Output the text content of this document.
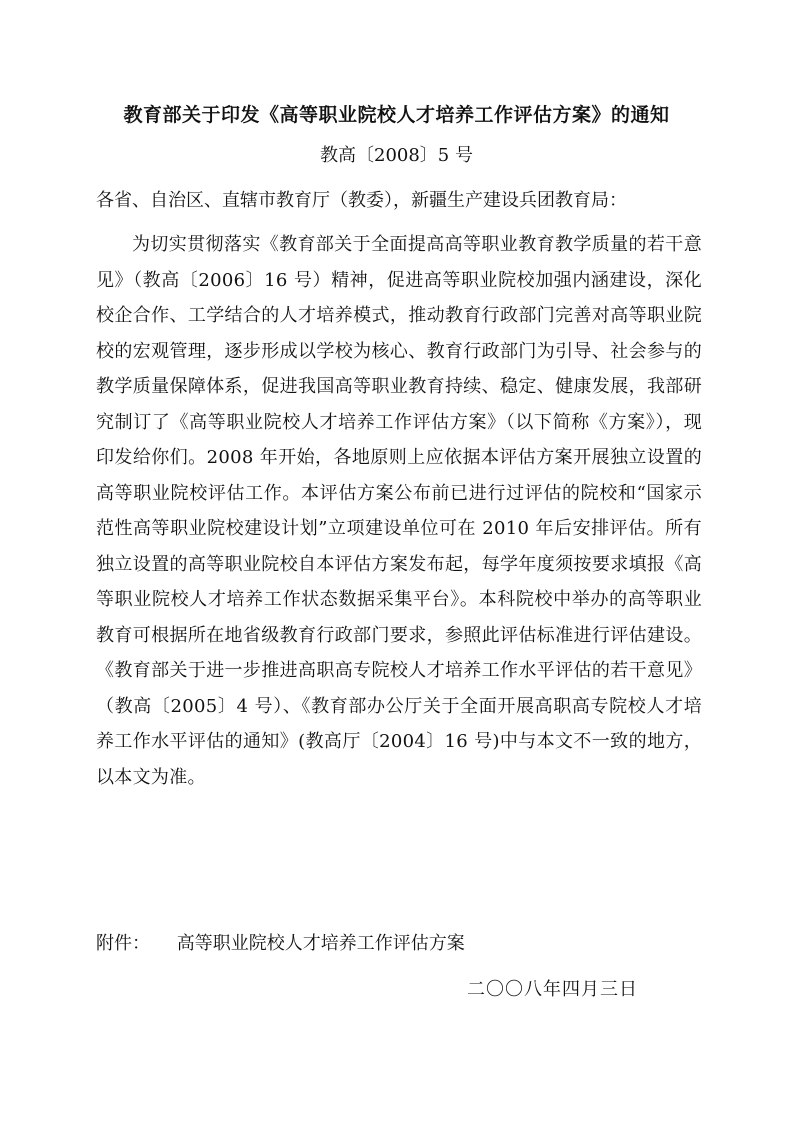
教育部关于印发《高等职业院校人才培养工作评估方案》的通知
教高〔2008〕5 号
各省、自治区、直辖市教育厅（教委），新疆生产建设兵团教育局：
为切实贯彻落实《教育部关于全面提高高等职业教育教学质量的若干意见》（教高〔2006〕16 号）精神，促进高等职业院校加强内涵建设，深化校企合作、工学结合的人才培养模式，推动教育行政部门完善对高等职业院校的宏观管理，逐步形成以学校为核心、教育行政部门为引导、社会参与的教学质量保障体系，促进我国高等职业教育持续、稳定、健康发展，我部研究制订了《高等职业院校人才培养工作评估方案》（以下简称《方案》），现印发给你们。2008 年开始，各地原则上应依据本评估方案开展独立设置的高等职业院校评估工作。本评估方案公布前已进行过评估的院校和“国家示范性高等职业院校建设计划”立项建设单位可在 2010 年后安排评估。所有独立设置的高等职业院校自本评估方案发布起，每学年度须按要求填报《高等职业院校人才培养工作状态数据采集平台》。本科院校中举办的高等职业教育可根据所在地省级教育行政部门要求，参照此评估标准进行评估建设。《教育部关于进一步推进高职高专院校人才培养工作水平评估的若干意见》（教高〔2005〕4 号）、《教育部办公厅关于全面开展高职高专院校人才培养工作水平评估的通知》(教高厅〔2004〕16 号)中与本文不一致的地方，以本文为准。
附件： 高等职业院校人才培养工作评估方案
二〇〇八年四月三日
